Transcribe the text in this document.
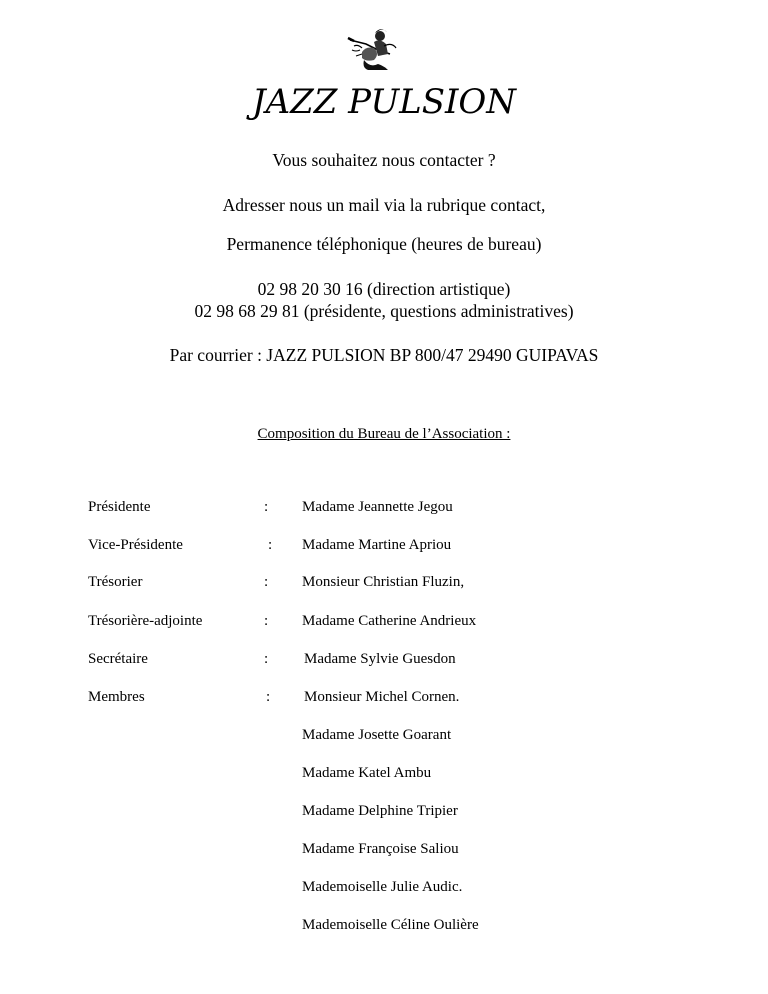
JAZZ PULSION
Vous souhaitez nous contacter ?
Adresser nous un mail via la rubrique contact,
Permanence téléphonique (heures de bureau)
02 98 20 30 16 (direction artistique)
02 98 68 29 81 (présidente, questions administratives)
Par courrier : JAZZ PULSION BP 800/47 29490 GUIPAVAS
Composition du Bureau de l’Association :
Présidente	: Madame Jeannette Jegou
Vice-Présidente	: Madame Martine Apriou
Trésorier	: Monsieur Christian Fluzin,
Trésorière-adjointe	: Madame Catherine Andrieux
Secrétaire	: Madame Sylvie Guesdon
Membres	: Monsieur Michel Cornen.
Madame Josette Goarant
Madame Katel Ambu
Madame Delphine Tripier
Madame Françoise Saliou
Mademoiselle Julie Audic.
Mademoiselle Céline Oulière
